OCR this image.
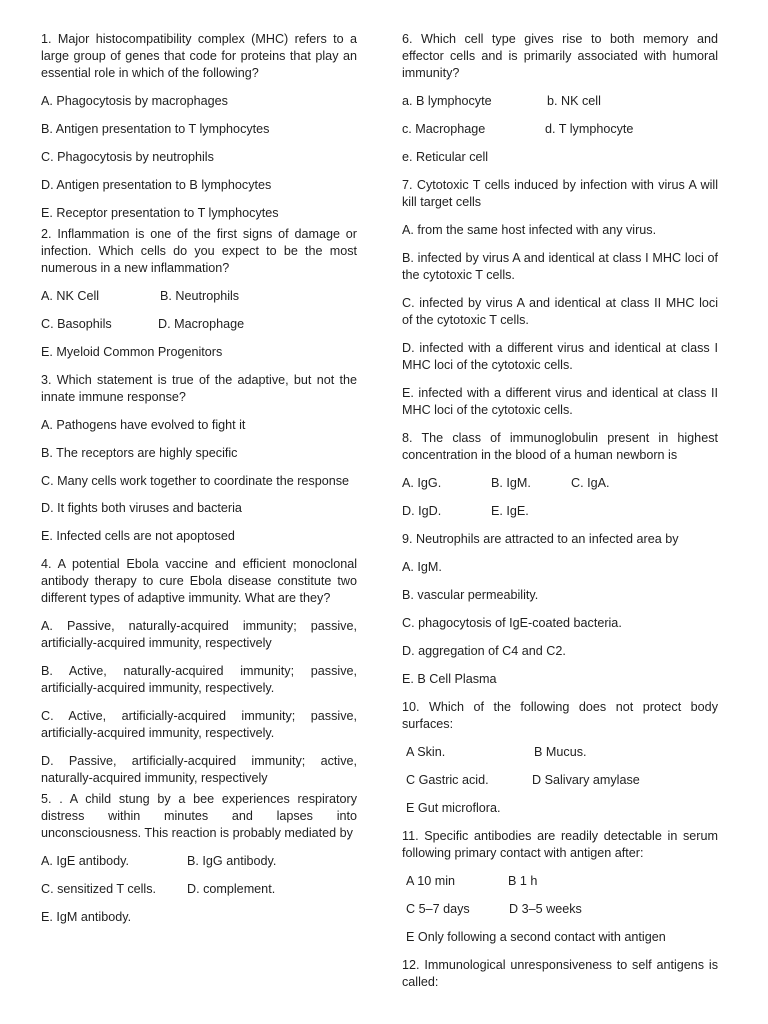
1. Major histocompatibility complex (MHC) refers to a large group of genes that code for proteins that play an essential role in which of the following?

A. Phagocytosis by macrophages

B. Antigen presentation to T lymphocytes

C. Phagocytosis by neutrophils

D. Antigen presentation to B lymphocytes

E. Receptor presentation to T lymphocytes

2. Inflammation is one of the first signs of damage or infection. Which cells do you expect to be the most numerous in a new inflammation?

A. NK Cell	B. Neutrophils
C. Basophils	D. Macrophage

E. Myeloid Common Progenitors

3. Which statement is true of the adaptive, but not the innate immune response?

A. Pathogens have evolved to fight it

B. The receptors are highly specific

C. Many cells work together to coordinate the response

D. It fights both viruses and bacteria

E. Infected cells are not apoptosed

4. A potential Ebola vaccine and efficient monoclonal antibody therapy to cure Ebola disease constitute two different types of adaptive immunity. What are they?

A. Passive, naturally-acquired immunity; passive, artificially-acquired immunity, respectively

B. Active, naturally-acquired immunity; passive, artificially-acquired immunity, respectively.

C. Active, artificially-acquired immunity; passive, artificially-acquired immunity, respectively.

D. Passive, artificially-acquired immunity; active, naturally-acquired immunity, respectively

5. . A child stung by a bee experiences respiratory distress within minutes and lapses into unconsciousness. This reaction is probably mediated by

A. IgE antibody.	B. IgG antibody.
C. sensitized T cells.	D. complement.

E. IgM antibody.

6. Which cell type gives rise to both memory and effector cells and is primarily associated with humoral immunity?

a. B lymphocyte	b. NK cell
c. Macrophage	d. T lymphocyte

e. Reticular cell

7. Cytotoxic T cells induced by infection with virus A will kill target cells

A. from the same host infected with any virus.

B. infected by virus A and identical at class I MHC loci of the cytotoxic T cells.

C. infected by virus A and identical at class II MHC loci of the cytotoxic T cells.

D. infected with a different virus and identical at class I MHC loci of the cytotoxic cells.

E. infected with a different virus and identical at class II MHC loci of the cytotoxic cells.

8. The class of immunoglobulin present in highest concentration in the blood of a human newborn is

A. IgG.	B. IgM.	C. IgA.
D. IgD.	E. IgE.

9. Neutrophils are attracted to an infected area by

A. IgM.

B. vascular permeability.

C. phagocytosis of IgE-coated bacteria.

D. aggregation of C4 and C2.

E. B Cell Plasma

10. Which of the following does not protect body surfaces:

A Skin.	B Mucus.
C Gastric acid.	D Salivary amylase

E Gut microflora.

11. Specific antibodies are readily detectable in serum following primary contact with antigen after:

A 10 min	B 1 h
C 5–7 days	D 3–5 weeks

E Only following a second contact with antigen

12. Immunological unresponsiveness to self antigens is called:
